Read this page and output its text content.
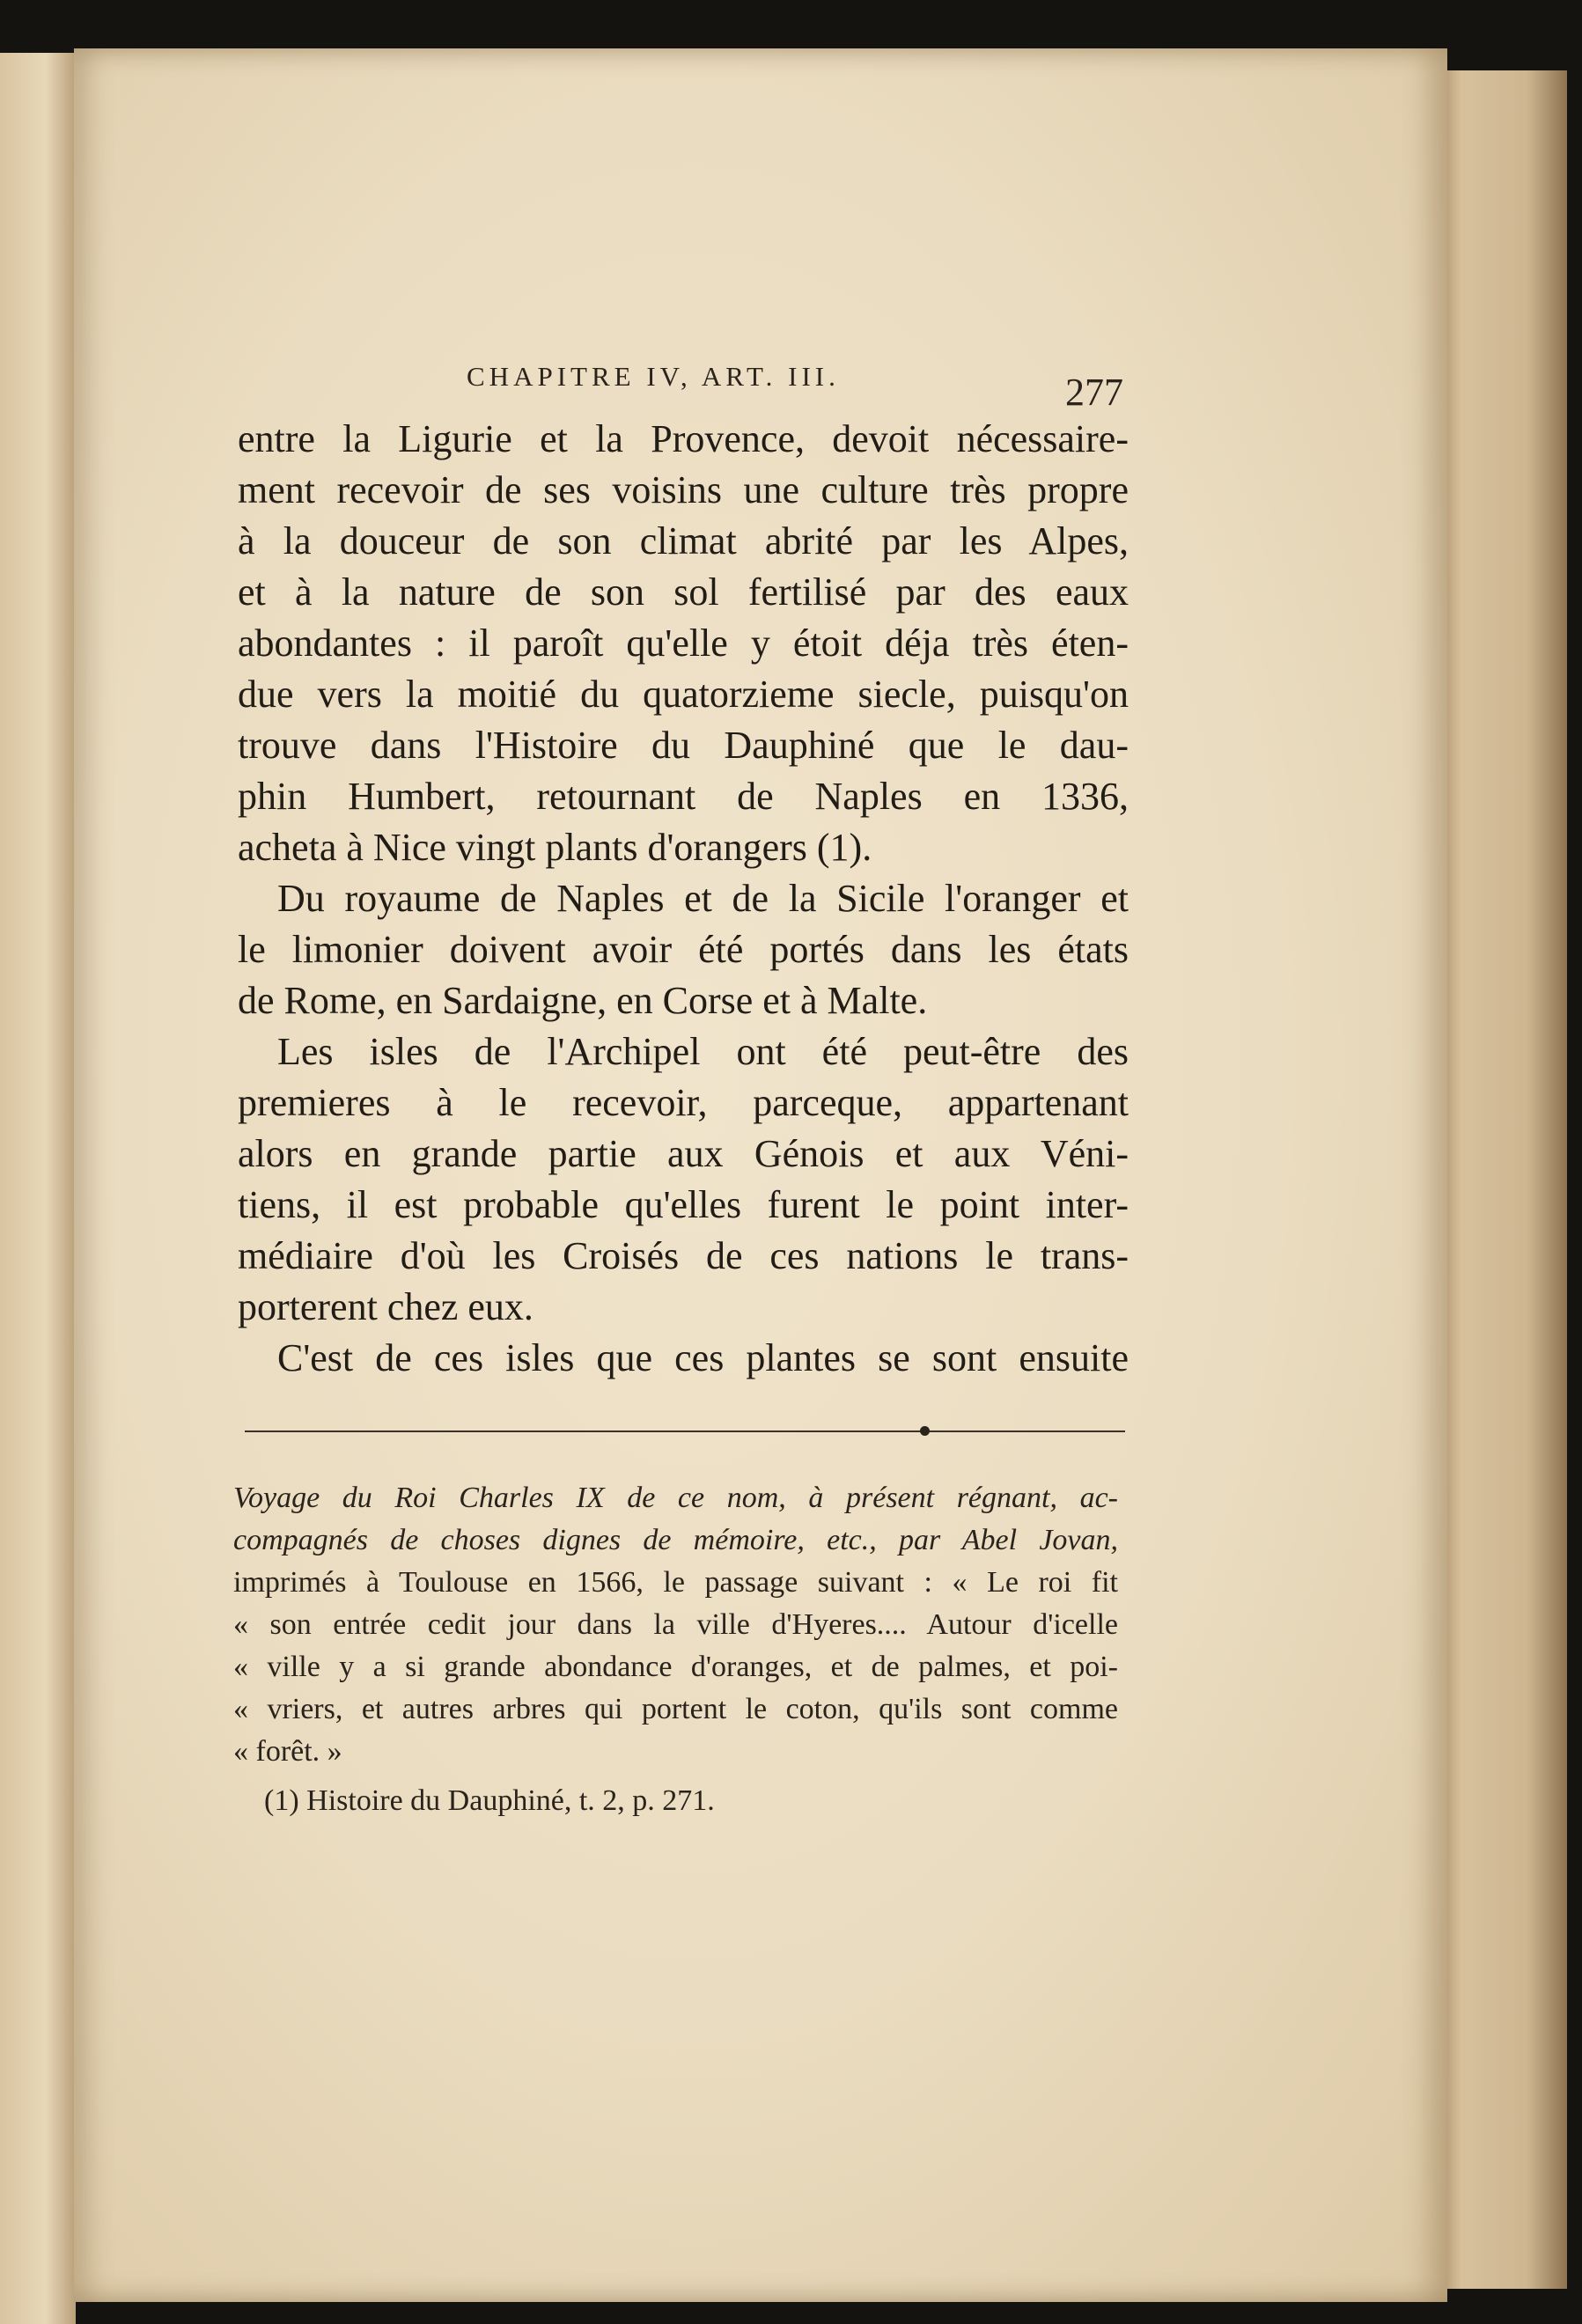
CHAPITRE IV, ART. III.	277
entre la Ligurie et la Provence, devoit nécessaire-
ment recevoir de ses voisins une culture très propre
à la douceur de son climat abrité par les Alpes,
et à la nature de son sol fertilisé par des eaux
abondantes : il paroît qu'elle y étoit déja très éten-
due vers la moitié du quatorzieme siecle, puisqu'on
trouve dans l'Histoire du Dauphiné que le dau-
phin Humbert, retournant de Naples en 1336,
acheta à Nice vingt plants d'orangers (1).
Du royaume de Naples et de la Sicile l'oranger et
le limonier doivent avoir été portés dans les états
de Rome, en Sardaigne, en Corse et à Malte.
Les isles de l'Archipel ont été peut-être des
premieres à le recevoir, parceque, appartenant
alors en grande partie aux Génois et aux Véni-
tiens, il est probable qu'elles furent le point inter-
médiaire d'où les Croisés de ces nations le trans-
porterent chez eux.
C'est de ces isles que ces plantes se sont ensuite
Voyage du Roi Charles IX de ce nom, à présent régnant, ac-
compagnés de choses dignes de mémoire, etc., par Abel Jovan,
imprimés à Toulouse en 1566, le passage suivant : « Le roi fit
« son entrée cedit jour dans la ville d'Hyeres.... Autour d'icelle
« ville y a si grande abondance d'oranges, et de palmes, et poi-
« vriers, et autres arbres qui portent le coton, qu'ils sont comme
« forêt. »
(1) Histoire du Dauphiné, t. 2, p. 271.
